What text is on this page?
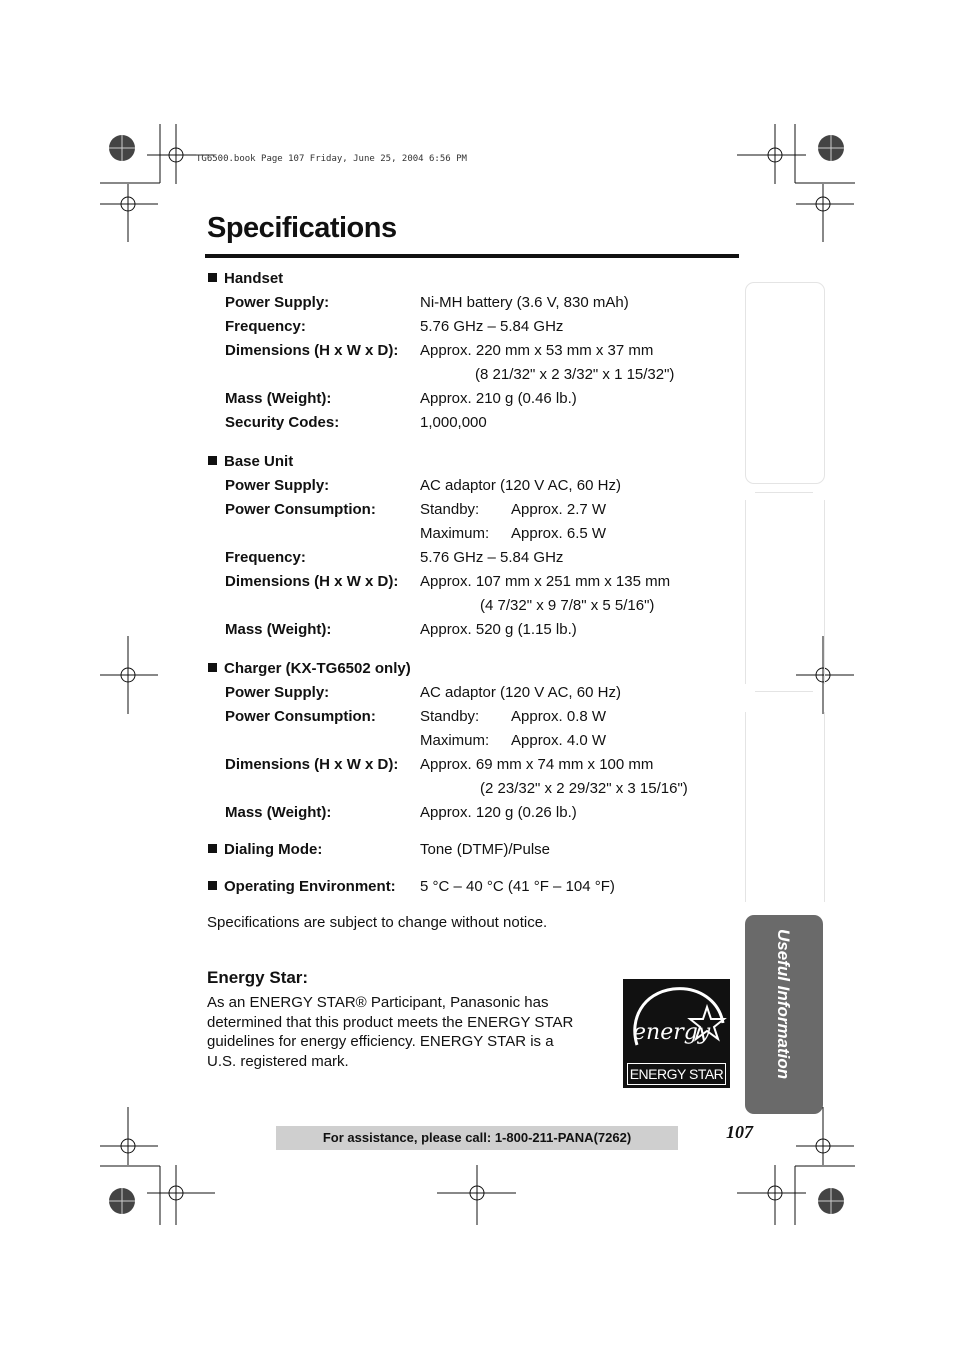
TG6500.book Page 107 Friday, June 25, 2004 6:56 PM
Specifications
Handset
Power Supply:	Ni-MH battery (3.6 V, 830 mAh)
Frequency:	5.76 GHz – 5.84 GHz
Dimensions (H x W x D): Approx. 220 mm x 53 mm x 37 mm
(8 21/32" x 2 3/32" x 1 15/32")
Mass (Weight):	Approx. 210 g (0.46 lb.)
Security Codes:	1,000,000
Base Unit
Power Supply:	AC adaptor (120 V AC, 60 Hz)
Power Consumption:	Standby: Approx. 2.7 W
Maximum: Approx. 6.5 W
Frequency:	5.76 GHz – 5.84 GHz
Dimensions (H x W x D): Approx. 107 mm x 251 mm x 135 mm
(4 7/32" x 9 7/8" x 5 5/16")
Mass (Weight):	Approx. 520 g (1.15 lb.)
Charger (KX-TG6502 only)
Power Supply:	AC adaptor (120 V AC, 60 Hz)
Power Consumption:	Standby: Approx. 0.8 W
Maximum: Approx. 4.0 W
Dimensions (H x W x D): Approx. 69 mm x 74 mm x 100 mm
(2 23/32" x 2 29/32" x 3 15/16")
Mass (Weight):	Approx. 120 g (0.26 lb.)
Dialing Mode:	Tone (DTMF)/Pulse
Operating Environment: 5 °C – 40 °C (41 °F – 104 °F)
Specifications are subject to change without notice.
Energy Star:
As an ENERGY STAR® Participant, Panasonic has
determined that this product meets the ENERGY STAR
guidelines for energy efficiency. ENERGY STAR is a
U.S. registered mark.
energy
ENERGY STAR	Useful Information
For assistance, please call: 1-800-211-PANA(7262)	107
